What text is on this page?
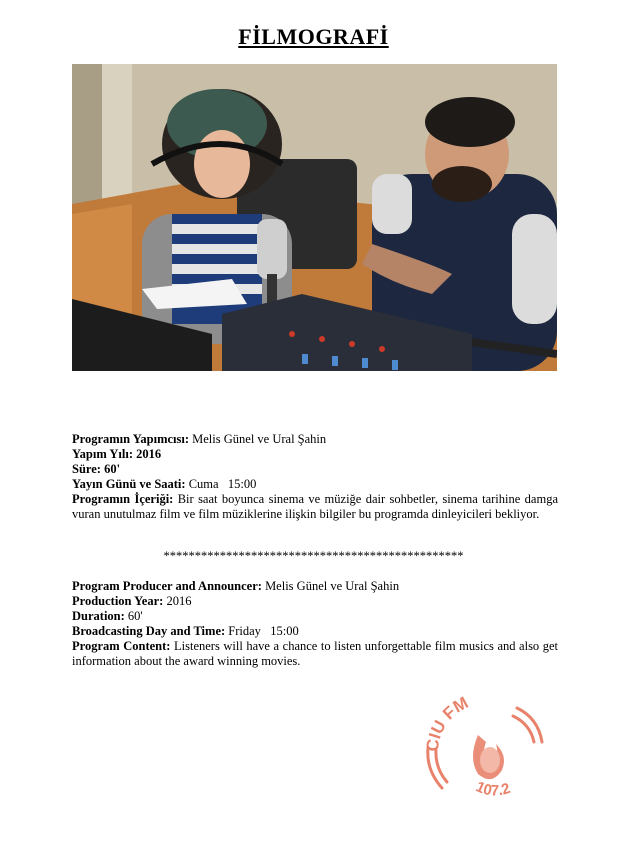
FİLMOGRAFİ

Programın Yapımcısı: Melis Günel ve Ural Şahin

Yapım Yılı: 2016

Süre: 60'

Yayın Günü ve Saati: Cuma   15:00

Programın İçeriği: Bir saat boyunca sinema ve müziğe dair sohbetler, sinema tarihine damga vuran unutulmaz film ve film müziklerine ilişkin bilgiler bu programda dinleyicileri bekliyor.

************************************************

Program Producer and Announcer: Melis Günel ve Ural Şahin

Production Year: 2016

Duration: 60'

Broadcasting Day and Time: Friday   15:00

Program Content: Listeners will have a chance to listen unforgettable film musics and also get information about the award winning movies.

CIU FM
107.2
